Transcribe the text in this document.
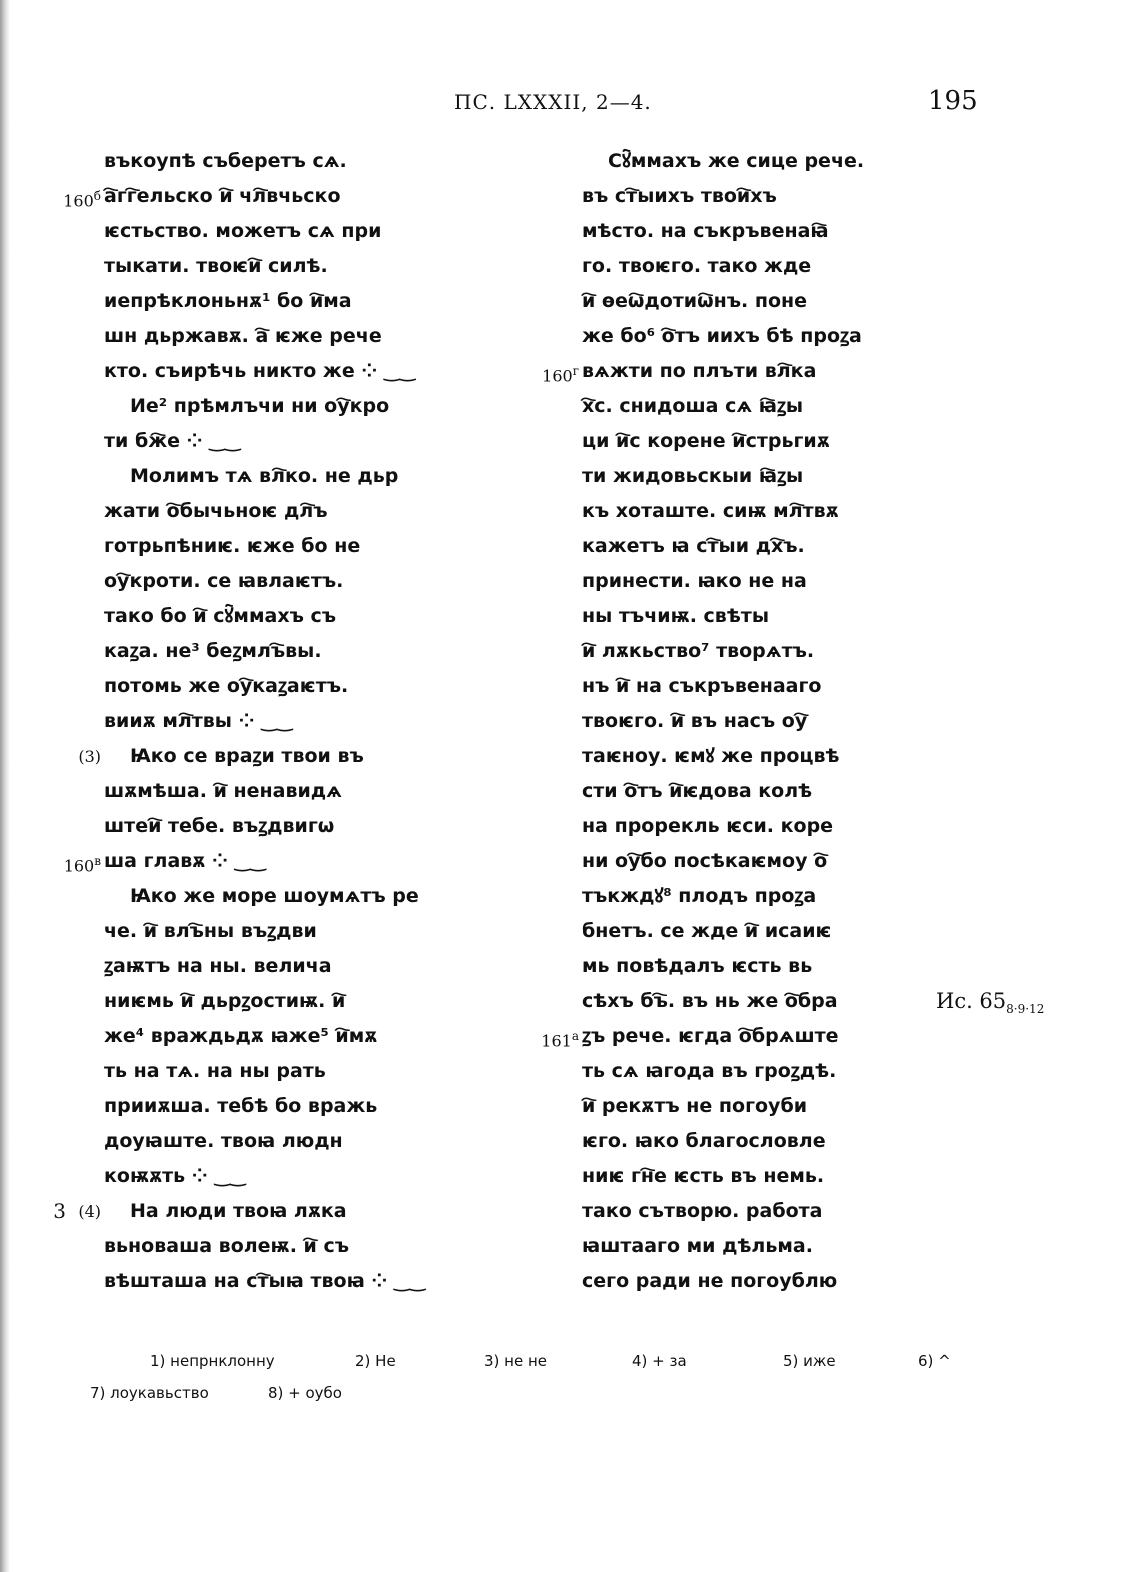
ПС. LXXXII, 2—4.	195
въкоупѣ съберетъ сѧ.
а҇гг҇ельско и҇ чл҇вчьско
$160^б$
ѥстьство. можетъ сѧ при
тыкати. твоѥи҇ силѣ.
иепрѣклоньнѫ¹ бо и҇ма
шн дьржавѫ. а҇ ѥже рече
кто. съирѣчь никто же ⁘ ‿‿
Ие² прѣмлъчи ни оу҇кро
ти бж҇е ⁘ ‿‿
Молимъ тѧ вл҇ко. не дьр
жати о҇бычьноѥ дл҇ъ
готрьпѣниѥ. ѥже бо не
оу҇кроти. се ꙗвлаѥтъ.
тако бо и҇ сꙋ҇ммахъ съ
каꙁа. не³ беꙁмлъ҇вы.
потомь же оу҇каꙁаѥтъ.
вииѫ мл҇твы ⁘ ‿‿
Ꙗко се враꙁи твои въ
(3)
шѫмѣша. и҇ ненавидѧ
штеи҇ тебе. въꙁдвигѡ
ша главѫ ⁘ ‿‿
$160^в$
Ꙗко же море шоумѧтъ ре
че. и҇ влъ҇ны въꙁдви
ꙁаѭтъ на ны. велича
ниѥмь и҇ дьрꙁостиѭ. и҇
же⁴ враждьдѫ ꙗже⁵ и҇мѫ
ть на тѧ. на ны рать
прииѫша. тебѣ бо вражь
доуꙗште. твоꙗ людн
кoѭѫть ⁘ ‿‿
На люди твоꙗ лѫка
(4)
3
вьноваша волеѭ. и҇ съ
вѣшташа на ст҇ыꙗ твоꙗ ⁘ ‿‿
Сꙋ҇ммахъ же сице рече.
въ ст҇ыихъ твои҇хъ
мѣсто. на съкръвенаꙗ҇
го. твоѥго. тако жде
и҇ ѳеѡ҇дотиѡ҇нъ. поне
же бо⁶ о҇тъ иихъ бѣ проꙁа
вѧжти по плъти вл҇ка
$160^г$
х҇с. снидоша сѧ ꙗ҇ꙁы
ци и҇с корене и҇стрьгиѫ
ти жидовьскыи ꙗ҇ꙁы
къ хоташте. сиѭ мл҇твѫ
кажетъ ꙗ ст҇ыи дх҇ъ.
принести. ꙗко не на
ны тъчиѭ. свѣты
и҇ лѫкьство⁷ творѧтъ.
нъ и҇ на съкръвенааго
твоѥго. и҇ въ насъ оу҇
таѥноу. ѥмꙋ же процвѣ
сти о҇тъ и҇ѥдова колѣ
на прорекль ѥси. коре
ни оу҇бо посѣкаѥмоу о҇
тъкждꙋ⁸ плодъ проꙁа
бнетъ. се жде и҇ исаиѥ
мь повѣдалъ ѥсть вь
сѣхъ бъ҇. въ нь же о҇бра	Ис. $65_{8\cdot 9\cdot 12}$
ꙁъ рече. ѥгда о҇брѧште
$161^а$
ть сѧ ꙗгода въ гроꙁдѣ.
и҇ рекѫтъ не погоуби
ѥго. ꙗко благословле
ниѥ гн҇е ѥсть въ немь.
тако сътворю. работа
ꙗштааго ми дѣльма.
сего ради не погоублю
1) непрнклонну	2) Не	3) не не	4) + за	5) иже	6) ^
7) лоукавьство	8) + оубо
